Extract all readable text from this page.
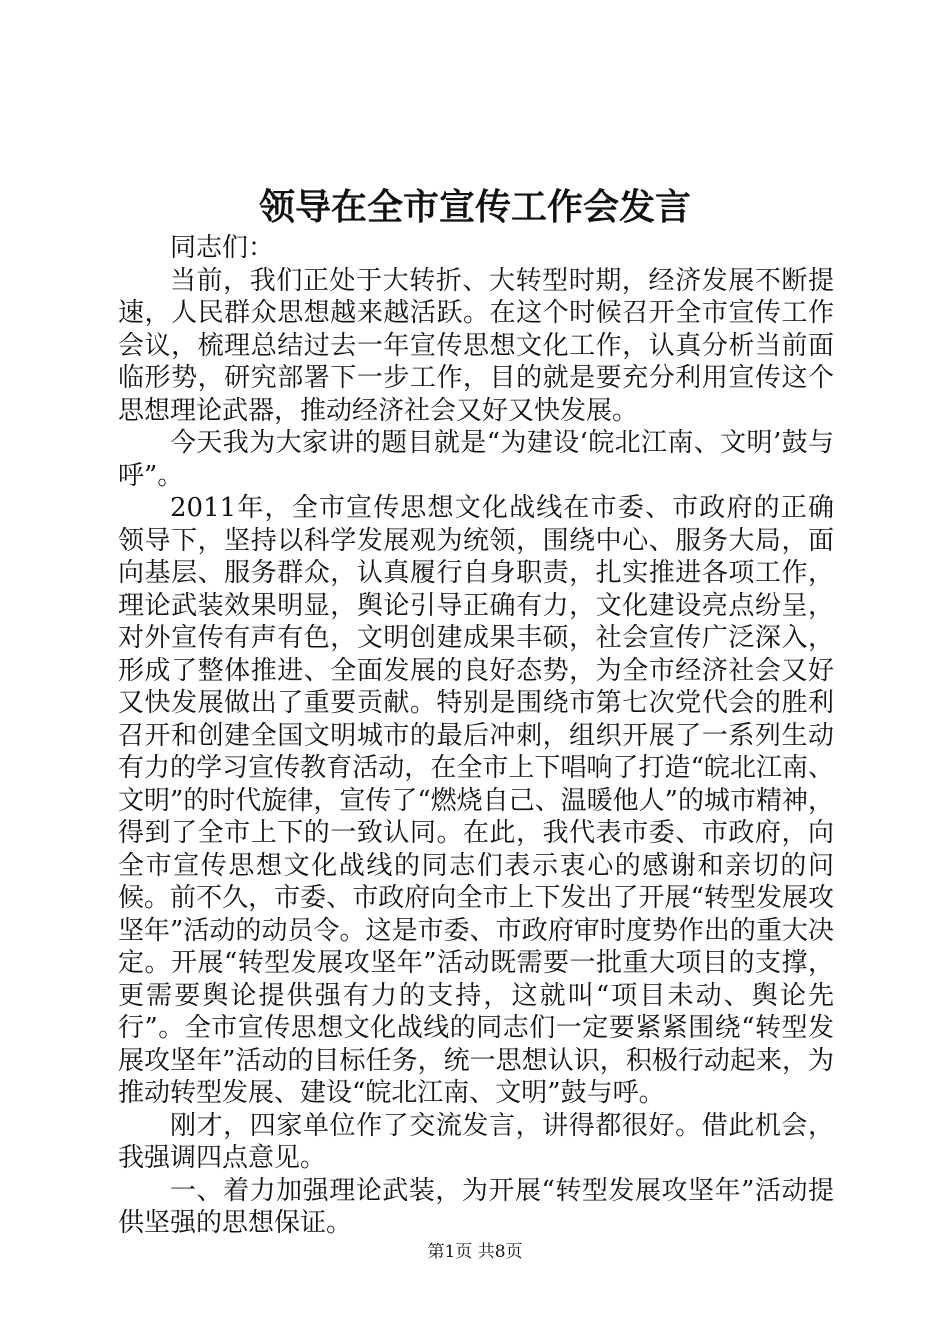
领导在全市宣传工作会发言

同志们：

当前，我们正处于大转折、大转型时期，经济发展不断提速，人民群众思想越来越活跃。在这个时候召开全市宣传工作会议，梳理总结过去一年宣传思想文化工作，认真分析当前面临形势，研究部署下一步工作，目的就是要充分利用宣传这个思想理论武器，推动经济社会又好又快发展。

今天我为大家讲的题目就是“为建设‘皖北江南、文明’鼓与呼”。

2011年，全市宣传思想文化战线在市委、市政府的正确领导下，坚持以科学发展观为统领，围绕中心、服务大局，面向基层、服务群众，认真履行自身职责，扎实推进各项工作，理论武装效果明显，舆论引导正确有力，文化建设亮点纷呈，对外宣传有声有色，文明创建成果丰硕，社会宣传广泛深入，形成了整体推进、全面发展的良好态势，为全市经济社会又好又快发展做出了重要贡献。特别是围绕市第七次党代会的胜利召开和创建全国文明城市的最后冲刺，组织开展了一系列生动有力的学习宣传教育活动，在全市上下唱响了打造“皖北江南、文明”的时代旋律，宣传了“燃烧自己、温暖他人”的城市精神，得到了全市上下的一致认同。在此，我代表市委、市政府，向全市宣传思想文化战线的同志们表示衷心的感谢和亲切的问候。前不久，市委、市政府向全市上下发出了开展“转型发展攻坚年”活动的动员令。这是市委、市政府审时度势作出的重大决定。开展“转型发展攻坚年”活动既需要一批重大项目的支撑，更需要舆论提供强有力的支持，这就叫“项目未动、舆论先行”。全市宣传思想文化战线的同志们一定要紧紧围绕“转型发展攻坚年”活动的目标任务，统一思想认识，积极行动起来，为推动转型发展、建设“皖北江南、文明”鼓与呼。

刚才，四家单位作了交流发言，讲得都很好。借此机会，我强调四点意见。

一、着力加强理论武装，为开展“转型发展攻坚年”活动提供坚强的思想保证。

第1页 共8页
